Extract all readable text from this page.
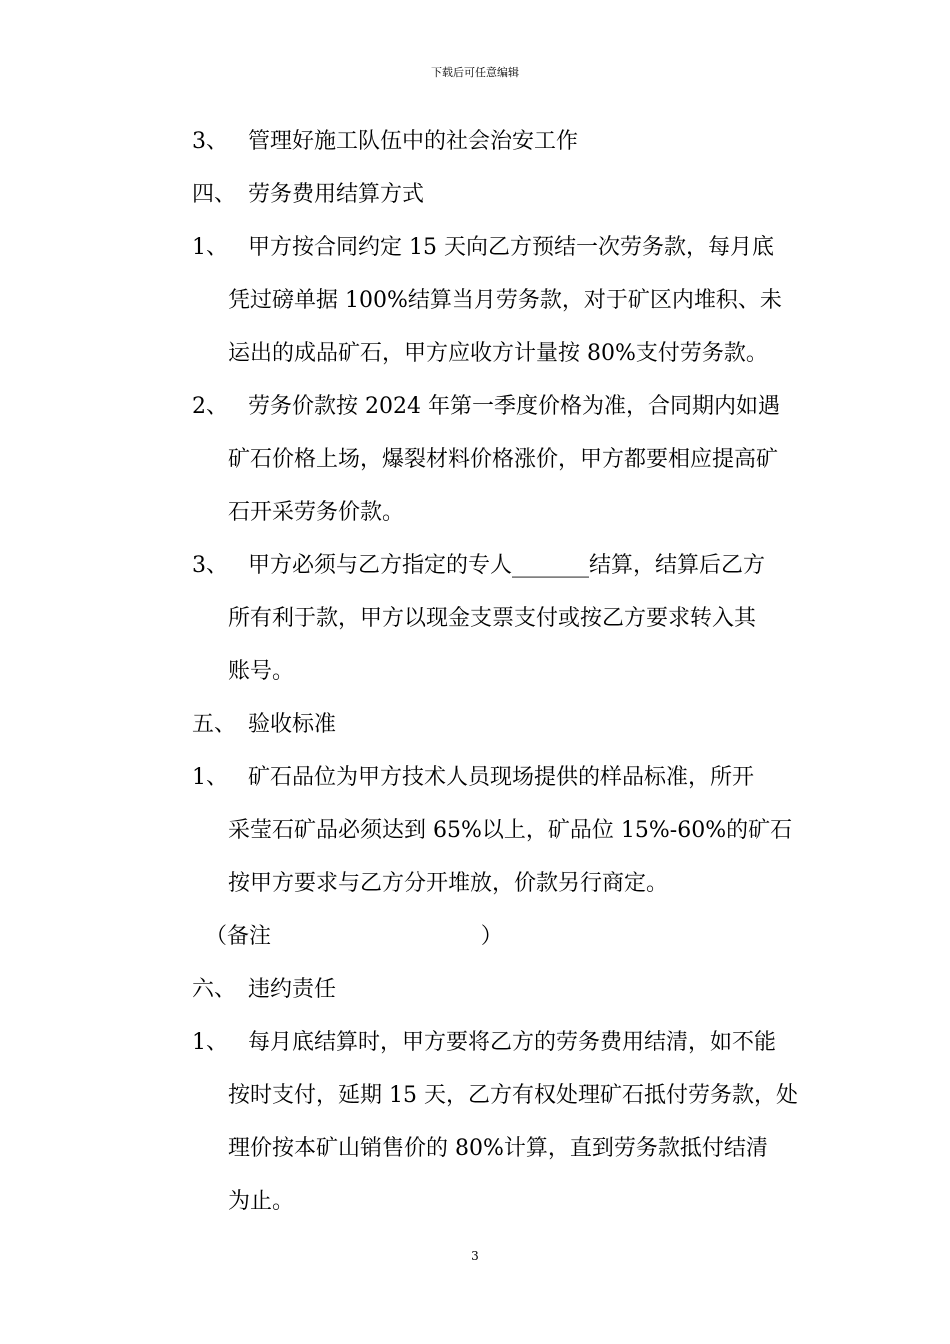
下载后可任意编辑

3、

管理好施工队伍中的社会治安工作

四、

劳务费用结算方式

1、

甲方按合同约定 15 天向乙方预结一次劳务款，每月底

凭过磅单据 100%结算当月劳务款，对于矿区内堆积、未
运出的成品矿石，甲方应收方计量按 80%支付劳务款。

2、

劳务价款按 2024 年第一季度价格为准，合同期内如遇

矿石价格上场，爆裂材料价格涨价，甲方都要相应提高矿
石开采劳务价款。

3、

甲方必须与乙方指定的专人_______结算，结算后乙方

所有利于款，甲方以现金支票支付或按乙方要求转入其
账号。

五、

验收标准

1、

矿石品位为甲方技术人员现场提供的样品标准，所开

采莹石矿品必须达到 65%以上，矿品位 15%-60%的矿石
按甲方要求与乙方分开堆放，价款另行商定。
（备注                              ）

六、

违约责任

1、

每月底结算时，甲方要将乙方的劳务费用结清，如不能

按时支付，延期 15 天，乙方有权处理矿石抵付劳务款，处
理价按本矿山销售价的 80%计算，直到劳务款抵付结清
为止。
3
